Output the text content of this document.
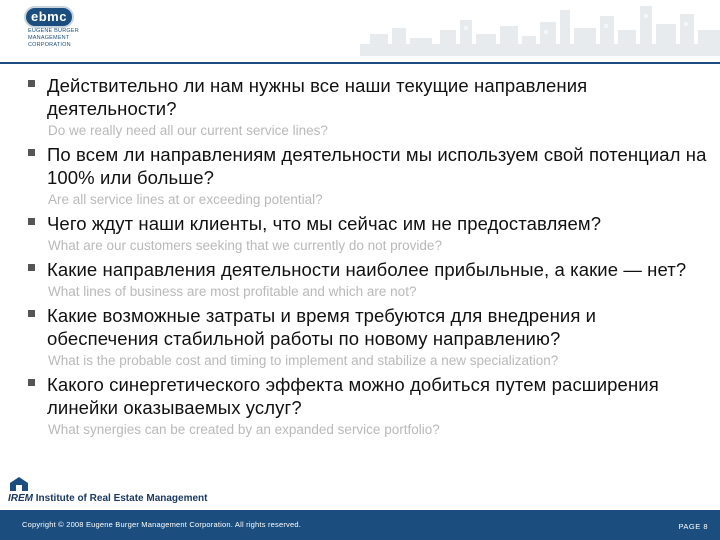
ebmc
EUGENE BURGER
MANAGEMENT
CORPORATION
Действительно ли нам нужны все наши текущие направления деятельности?
Do we really need all our current service lines?
По всем ли направлениям деятельности мы используем свой потенциал на 100% или больше?
Are all service lines at or exceeding potential?
Чего ждут наши клиенты, что мы сейчас им не предоставляем?
What are our customers seeking that we currently do not provide?
Какие направления деятельности наиболее прибыльные, а какие — нет?
What lines of business are most profitable and which are not?
Какие возможные затраты и время требуются для внедрения и обеспечения стабильной работы по новому направлению?
What is the probable cost and timing to implement and stabilize a new specialization?
Какого синергетического эффекта можно добиться путем расширения линейки оказываемых услуг?
What synergies can be created by an expanded service portfolio?
IREM Institute of Real Estate Management
Copyright © 2008 Eugene Burger Management Corporation. All rights reserved.	PAGE 8
